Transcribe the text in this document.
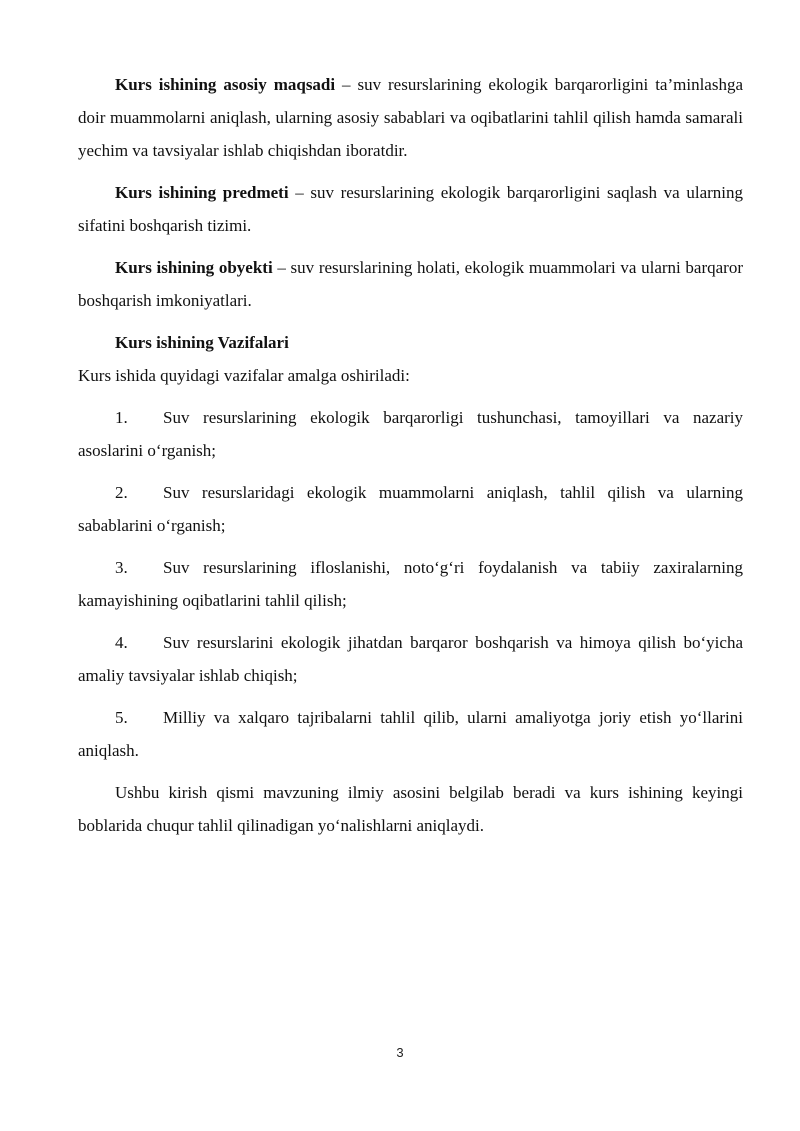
Kurs ishining asosiy maqsadi – suv resurslarining ekologik barqarorligini ta’minlashga doir muammolarni aniqlash, ularning asosiy sabablari va oqibatlarini tahlil qilish hamda samarali yechim va tavsiyalar ishlab chiqishdan iboratdir.

Kurs ishining predmeti – suv resurslarining ekologik barqarorligini saqlash va ularning sifatini boshqarish tizimi.

Kurs ishining obyekti – suv resurslarining holati, ekologik muammolari va ularni barqaror boshqarish imkoniyatlari.

Kurs ishining Vazifalari

Kurs ishida quyidagi vazifalar amalga oshiriladi:

1. Suv resurslarining ekologik barqarorligi tushunchasi, tamoyillari va nazariy asoslarini o‘rganish;

2. Suv resurslaridagi ekologik muammolarni aniqlash, tahlil qilish va ularning sabablarini o‘rganish;

3. Suv resurslarining ifloslanishi, noto‘g‘ri foydalanish va tabiiy zaxiralarning kamayishining oqibatlarini tahlil qilish;

4. Suv resurslarini ekologik jihatdan barqaror boshqarish va himoya qilish bo‘yicha amaliy tavsiyalar ishlab chiqish;

5. Milliy va xalqaro tajribalarni tahlil qilib, ularni amaliyotga joriy etish yo‘llarini aniqlash.

Ushbu kirish qismi mavzuning ilmiy asosini belgilab beradi va kurs ishining keyingi boblarida chuqur tahlil qilinadigan yo‘nalishlarni aniqlaydi.

3
